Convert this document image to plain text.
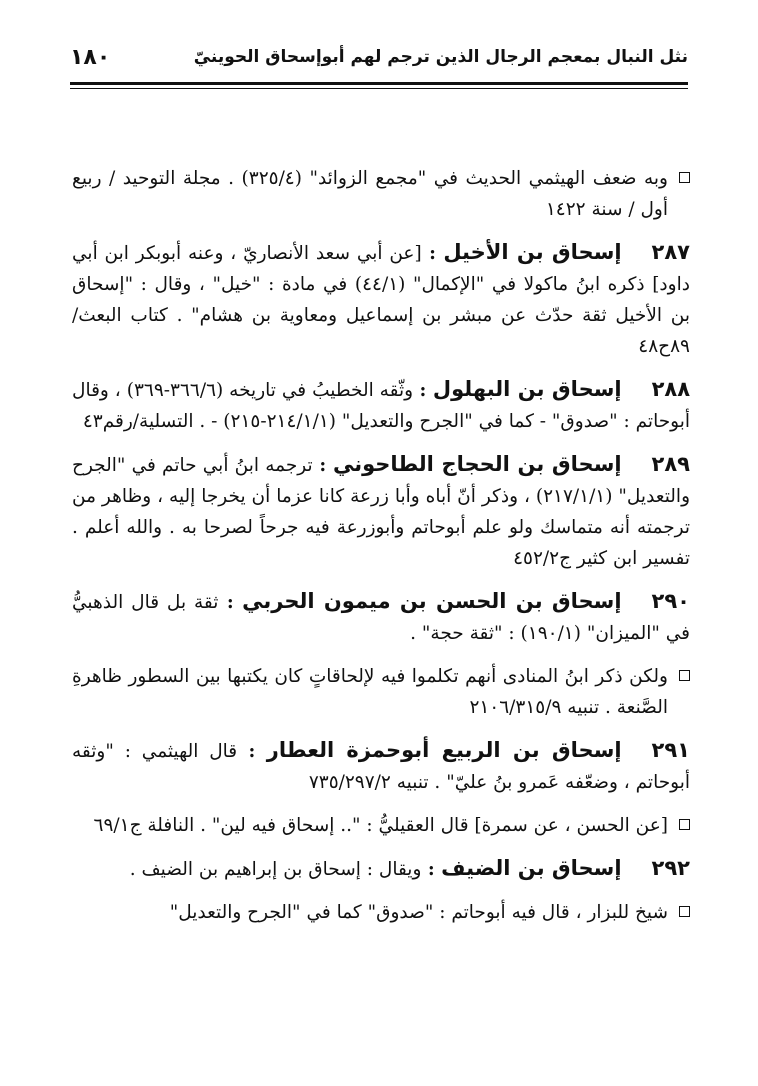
نثل النبال بمعجم الرجال الذين ترجم لهم أبوإسحاق الحوينيّ
١٨٠

وبه ضعف الهيثمي الحديث في "مجمع الزوائد" (٣٢٥/٤) . مجلة التوحيد / ربيع أول / سنة ١٤٢٢

٢٨٧إسحاق بن الأخيل : [عن أبي سعد الأنصاريّ ، وعنه أبوبكر ابن أبي داود] ذكره ابنُ ماكولا في "الإكمال" (٤٤/١) في مادة : "خيل" ، وقال : "إسحاق بن الأخيل ثقة حدّث عن مبشر بن إسماعيل ومعاوية بن هشام" . كتاب البعث/٨٩ح٤٨

٢٨٨إسحاق بن البهلول : وثّقه الخطيبُ في تاريخه (٣٦٦/٦-٣٦٩) ، وقال أبوحاتم : "صدوق" - كما في "الجرح والتعديل" (٢١٤/١/١-٢١٥) - . التسلية/رقم٤٣

٢٨٩إسحاق بن الحجاج الطاحوني : ترجمه ابنُ أبي حاتم في "الجرح والتعديل" (٢١٧/١/١) ، وذكر أنّ أباه وأبا زرعة كانا عزما أن يخرجا إليه ، وظاهر من ترجمته أنه متماسك ولو علم أبوحاتم وأبوزرعة فيه جرحاً لصرحا به . والله أعلم . تفسير ابن كثير ج٤٥٢/٢

٢٩٠إسحاق بن الحسن بن ميمون الحربي : ثقة بل قال الذهبيُّ في "الميزان" (١٩٠/١) : "ثقة حجة" .

ولكن ذكر ابنُ المنادى أنهم تكلموا فيه لإلحاقاتٍ كان يكتبها بين السطور ظاهرةِ الصَّنعة . تنبيه ٢١٠٦/٣١٥/٩

٢٩١إسحاق بن الربيع أبوحمزة العطار : قال الهيثمي : "وثقه أبوحاتم ، وضعّفه عَمرو بنُ عليّ" . تنبيه ٧٣٥/٢٩٧/٢

[عن الحسن ، عن سمرة] قال العقيليُّ : ".. إسحاق فيه لين" . النافلة ج٦٩/١

٢٩٢إسحاق بن الضيف : ويقال : إسحاق بن إبراهيم بن الضيف .

شيخ للبزار ، قال فيه أبوحاتم : "صدوق" كما في "الجرح والتعديل"
